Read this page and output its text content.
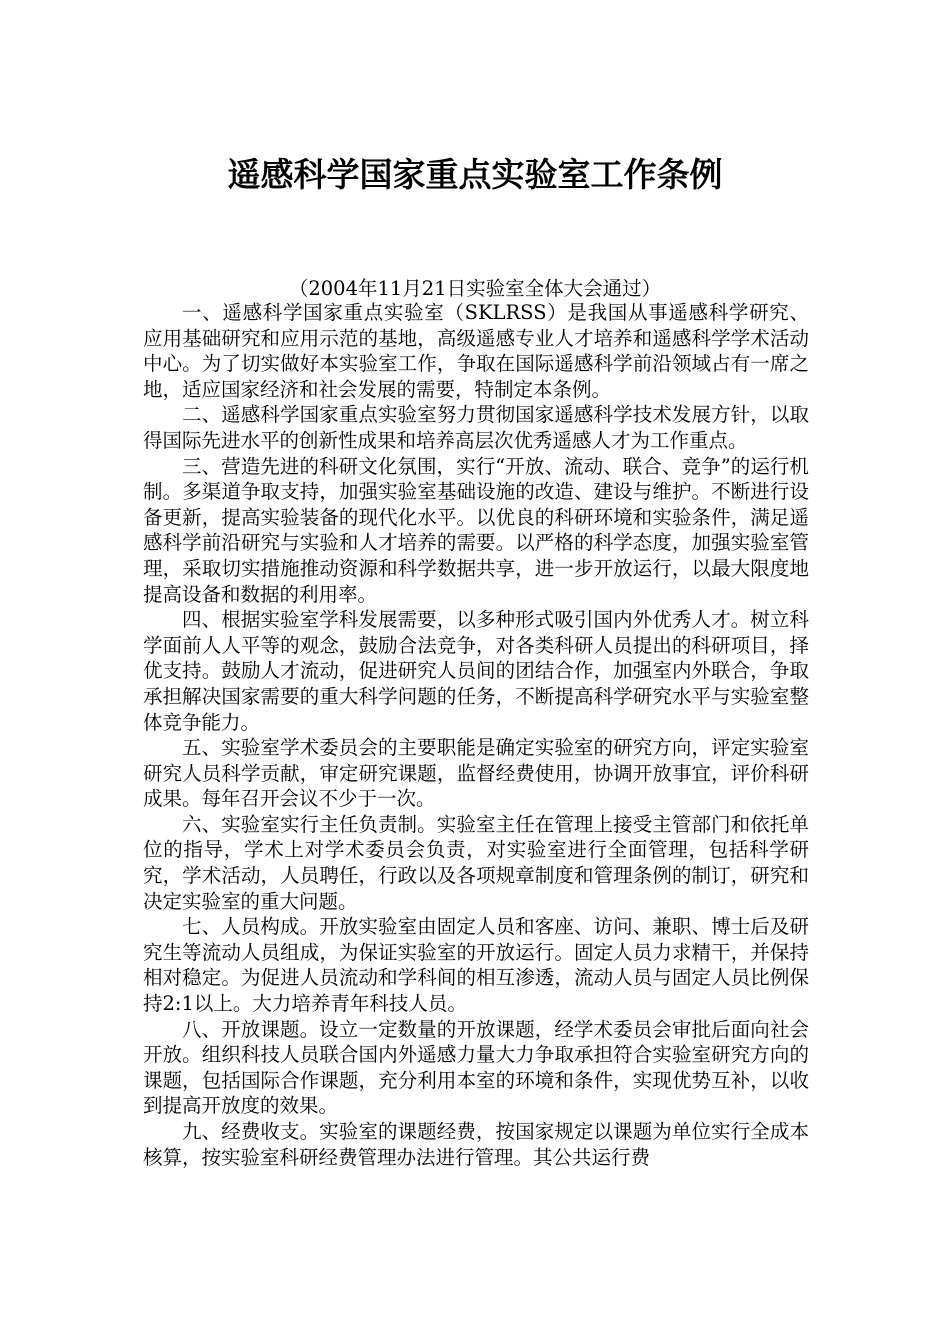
遥感科学国家重点实验室工作条例
（2004年11月21日实验室全体大会通过）

一、遥感科学国家重点实验室（SKLRSS）是我国从事遥感科学研究、应用基础研究和应用示范的基地，高级遥感专业人才培养和遥感科学学术活动中心。为了切实做好本实验室工作，争取在国际遥感科学前沿领域占有一席之地，适应国家经济和社会发展的需要，特制定本条例。

二、遥感科学国家重点实验室努力贯彻国家遥感科学技术发展方针，以取得国际先进水平的创新性成果和培养高层次优秀遥感人才为工作重点。

三、营造先进的科研文化氛围，实行“开放、流动、联合、竞争”的运行机制。多渠道争取支持，加强实验室基础设施的改造、建设与维护。不断进行设备更新，提高实验装备的现代化水平。以优良的科研环境和实验条件，满足遥感科学前沿研究与实验和人才培养的需要。以严格的科学态度，加强实验室管理，采取切实措施推动资源和科学数据共享，进一步开放运行，以最大限度地提高设备和数据的利用率。

四、根据实验室学科发展需要，以多种形式吸引国内外优秀人才。树立科学面前人人平等的观念，鼓励合法竞争，对各类科研人员提出的科研项目，择优支持。鼓励人才流动，促进研究人员间的团结合作，加强室内外联合，争取承担解决国家需要的重大科学问题的任务，不断提高科学研究水平与实验室整体竞争能力。

五、实验室学术委员会的主要职能是确定实验室的研究方向，评定实验室研究人员科学贡献，审定研究课题，监督经费使用，协调开放事宜，评价科研成果。每年召开会议不少于一次。

六、实验室实行主任负责制。实验室主任在管理上接受主管部门和依托单位的指导，学术上对学术委员会负责，对实验室进行全面管理，包括科学研究，学术活动，人员聘任，行政以及各项规章制度和管理条例的制订，研究和决定实验室的重大问题。

七、人员构成。开放实验室由固定人员和客座、访问、兼职、博士后及研究生等流动人员组成，为保证实验室的开放运行。固定人员力求精干，并保持相对稳定。为促进人员流动和学科间的相互渗透，流动人员与固定人员比例保持2:1以上。大力培养青年科技人员。

八、开放课题。设立一定数量的开放课题，经学术委员会审批后面向社会开放。组织科技人员联合国内外遥感力量大力争取承担符合实验室研究方向的课题，包括国际合作课题，充分利用本室的环境和条件，实现优势互补，以收到提高开放度的效果。

九、经费收支。实验室的课题经费，按国家规定以课题为单位实行全成本核算，按实验室科研经费管理办法进行管理。其公共运行费
